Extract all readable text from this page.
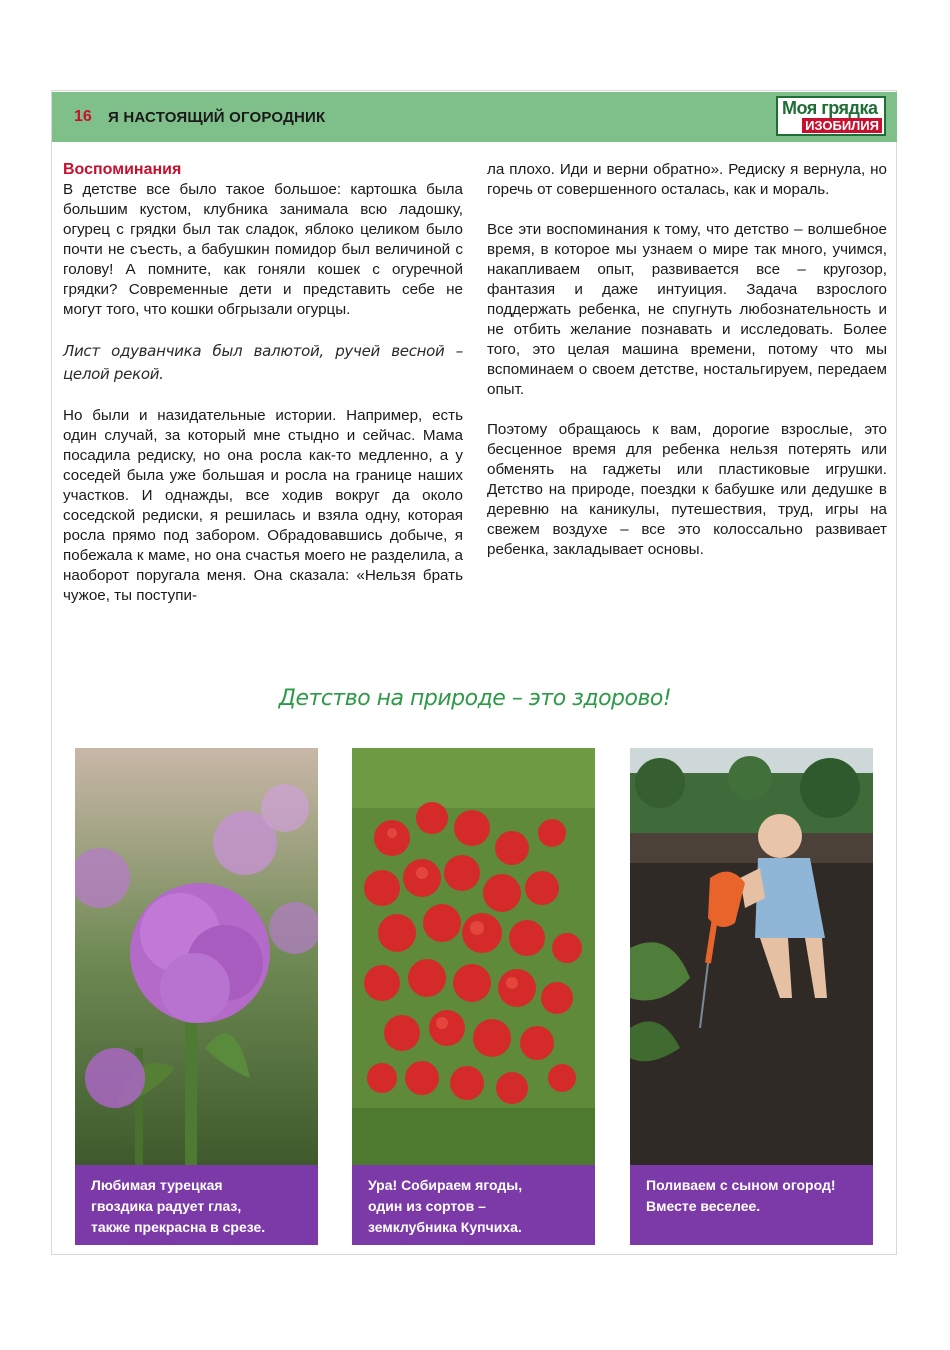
16 Я НАСТОЯЩИЙ ОГОРОДНИК	Моя грядка
ИЗОБИЛИЯ

Воспоминания

В детстве все было такое большое: картошка была большим кустом, клубника занимала всю ладошку, огурец с грядки был так сладок, яблоко целиком было почти не съесть, а бабушкин помидор был величиной с голову! А помните, как гоняли кошек с огуречной грядки? Современные дети и представить себе не могут того, что кошки обгрызали огурцы.

Лист одуванчика был валютой, ручей весной – целой рекой.

Но были и назидательные истории. Например, есть один случай, за который мне стыдно и сейчас. Мама посадила редиску, но она росла как-то медленно, а у соседей была уже большая и росла на границе наших участков. И однажды, все ходив вокруг да около соседской редиски, я решилась и взяла одну, которая росла прямо под забором. Обрадовавшись добыче, я побежала к маме, но она счастья моего не разделила, а наоборот поругала меня. Она сказала: «Нельзя брать чужое, ты поступи-

ла плохо. Иди и верни обратно». Редиску я вернула, но горечь от совершенного осталась, как и мораль.

Все эти воспоминания к тому, что детство – волшебное время, в которое мы узнаем о мире так много, учимся, накапливаем опыт, развивается все – кругозор, фантазия и даже интуиция. Задача взрослого поддержать ребенка, не спугнуть любознательность и не отбить желание познавать и исследовать. Более того, это целая машина времени, потому что мы вспоминаем о своем детстве, ностальгируем, передаем опыт.

Поэтому обращаюсь к вам, дорогие взрослые, это бесценное время для ребенка нельзя потерять или обменять на гаджеты или пластиковые игрушки. Детство на природе, поездки к бабушке или дедушке в деревню на каникулы, путешествия, труд, игры на свежем воздухе – все это колоссально развивает ребенка, закладывает основы.

Детство на природе – это здорово!
Любимая турецкая
гвоздика радует глаз,
также прекрасна в срезе.
Ура! Собираем ягоды,
один из сортов –
земклубника Купчиха.
Поливаем с сыном огород!
Вместе веселее.
